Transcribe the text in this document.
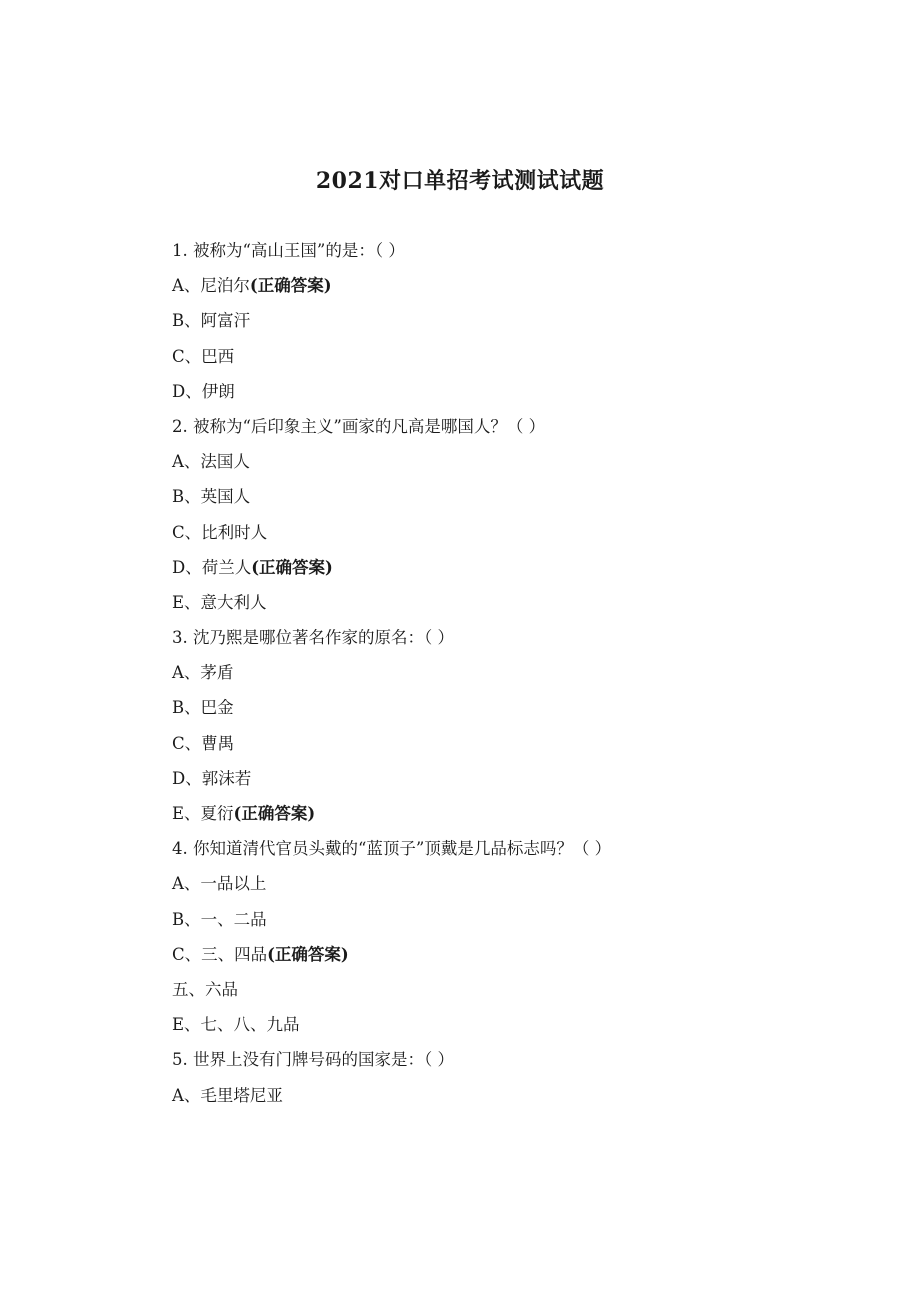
2021对口单招考试测试试题
1. 被称为“高山王国”的是：（ ）
A、尼泊尔(正确答案)
B、阿富汗
C、巴西
D、伊朗
2. 被称为“后印象主义”画家的凡高是哪国人？（ ）
A、法国人
B、英国人
C、比利时人
D、荷兰人(正确答案)
E、意大利人
3. 沈乃熙是哪位著名作家的原名：（ ）
A、茅盾
B、巴金
C、曹禺
D、郭沫若
E、夏衍(正确答案)
4. 你知道清代官员头戴的“蓝顶子”顶戴是几品标志吗？（ ）
A、一品以上
B、一、二品
C、三、四品(正确答案)
五、六品
E、七、八、九品
5. 世界上没有门牌号码的国家是：（ ）
A、毛里塔尼亚
